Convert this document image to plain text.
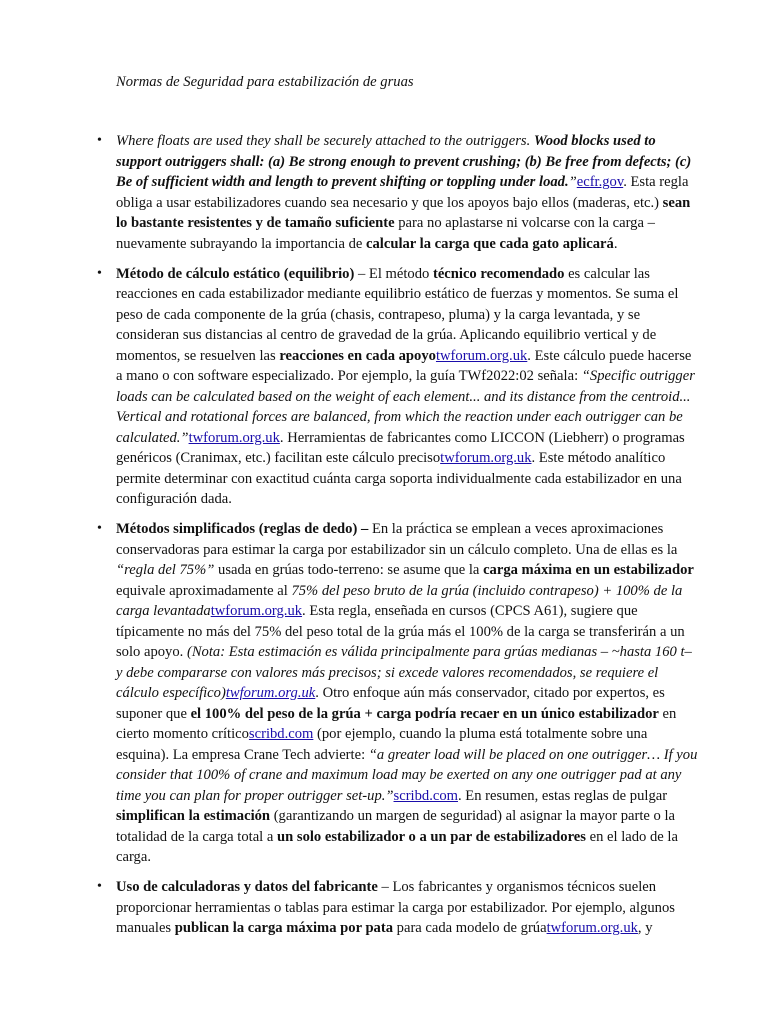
Normas de Seguridad para estabilización de gruas
• Where floats are used they shall be securely attached to the outriggers. Wood blocks used to support outriggers shall: (a) Be strong enough to prevent crushing; (b) Be free from defects; (c) Be of sufficient width and length to prevent shifting or toppling under load.”ecfr.gov. Esta regla obliga a usar estabilizadores cuando sea necesario y que los apoyos bajo ellos (maderas, etc.) sean lo bastante resistentes y de tamaño suficiente para no aplastarse ni volcarse con la carga – nuevamente subrayando la importancia de calcular la carga que cada gato aplicará.
• Método de cálculo estático (equilibrio) – El método técnico recomendado es calcular las reacciones en cada estabilizador mediante equilibrio estático de fuerzas y momentos. Se suma el peso de cada componente de la grúa (chasis, contrapeso, pluma) y la carga levantada, y se consideran sus distancias al centro de gravedad de la grúa. Aplicando equilibrio vertical y de momentos, se resuelven las reacciones en cada apoyotwforum.org.uk. Este cálculo puede hacerse a mano o con software especializado. Por ejemplo, la guía TWf2022:02 señala: “Specific outrigger loads can be calculated based on the weight of each element... and its distance from the centroid... Vertical and rotational forces are balanced, from which the reaction under each outrigger can be calculated.”twforum.org.uk. Herramientas de fabricantes como LICCON (Liebherr) o programas genéricos (Cranimax, etc.) facilitan este cálculo precisotwforum.org.uk. Este método analítico permite determinar con exactitud cuánta carga soporta individualmente cada estabilizador en una configuración dada.
• Métodos simplificados (reglas de dedo) – En la práctica se emplean a veces aproximaciones conservadoras para estimar la carga por estabilizador sin un cálculo completo. Una de ellas es la “regla del 75%” usada en grúas todo-terreno: se asume que la carga máxima en un estabilizador equivale aproximadamente al 75% del peso bruto de la grúa (incluido contrapeso) + 100% de la carga levantadatwforum.org.uk. Esta regla, enseñada en cursos (CPCS A61), sugiere que típicamente no más del 75% del peso total de la grúa más el 100% de la carga se transferirán a un solo apoyo. (Nota: Esta estimación es válida principalmente para grúas medianas – ~hasta 160 t– y debe compararse con valores más precisos; si excede valores recomendados, se requiere el cálculo específico)twforum.org.uk. Otro enfoque aún más conservador, citado por expertos, es suponer que el 100% del peso de la grúa + carga podría recaer en un único estabilizador en cierto momento críticoscribd.com (por ejemplo, cuando la pluma está totalmente sobre una esquina). La empresa Crane Tech advierte: “a greater load will be placed on one outrigger… If you consider that 100% of crane and maximum load may be exerted on any one outrigger pad at any time you can plan for proper outrigger set-up.”scribd.com. En resumen, estas reglas de pulgar simplifican la estimación (garantizando un margen de seguridad) al asignar la mayor parte o la totalidad de la carga total a un solo estabilizador o a un par de estabilizadores en el lado de la carga.
• Uso de calculadoras y datos del fabricante – Los fabricantes y organismos técnicos suelen proporcionar herramientas o tablas para estimar la carga por estabilizador. Por ejemplo, algunos manuales publican la carga máxima por pata para cada modelo de grúatwforum.org.uk, y
